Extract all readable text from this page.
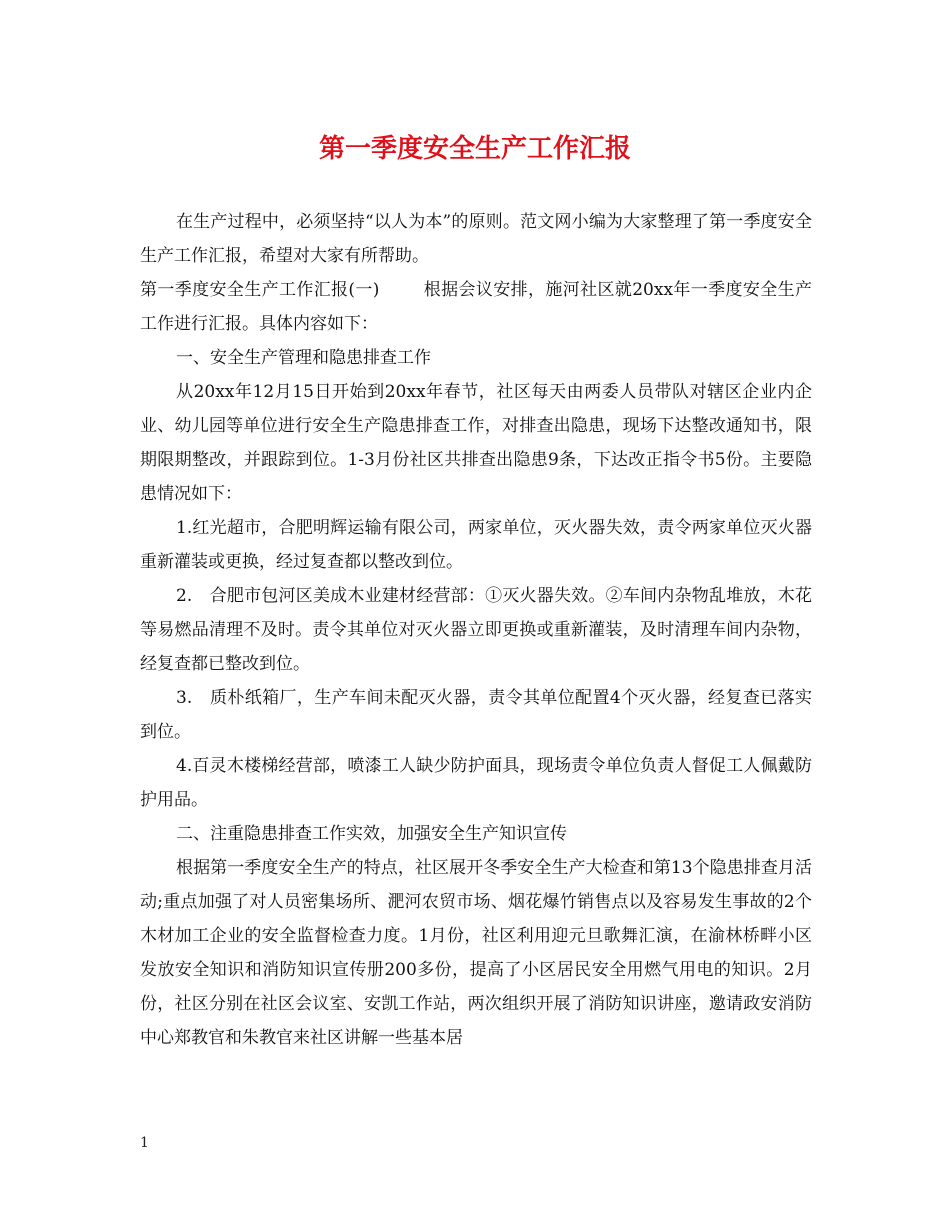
第一季度安全生产工作汇报

在生产过程中，必须坚持“以人为本”的原则。范文网小编为大家整理了第一季度安全生产工作汇报，希望对大家有所帮助。

第一季度安全生产工作汇报(一)	根据会议安排，施河社区就20xx年一季度安全生产工作进行汇报。具体内容如下：

一、安全生产管理和隐患排查工作

从20xx年12月15日开始到20xx年春节，社区每天由两委人员带队对辖区企业内企业、幼儿园等单位进行安全生产隐患排查工作，对排查出隐患，现场下达整改通知书，限期限期整改，并跟踪到位。1-3月份社区共排查出隐患9条，下达改正指令书5份。主要隐患情况如下：

1.红光超市，合肥明辉运输有限公司，两家单位，灭火器失效，责令两家单位灭火器重新灌装或更换，经过复查都以整改到位。

2.　合肥市包河区美成木业建材经营部：①灭火器失效。②车间内杂物乱堆放，木花等易燃品清理不及时。责令其单位对灭火器立即更换或重新灌装，及时清理车间内杂物，经复查都已整改到位。

3.　质朴纸箱厂，生产车间未配灭火器，责令其单位配置4个灭火器，经复查已落实到位。

4.百灵木楼梯经营部，喷漆工人缺少防护面具，现场责令单位负责人督促工人佩戴防护用品。

二、注重隐患排查工作实效，加强安全生产知识宣传

根据第一季度安全生产的特点，社区展开冬季安全生产大检查和第13个隐患排查月活动;重点加强了对人员密集场所、淝河农贸市场、烟花爆竹销售点以及容易发生事故的2个木材加工企业的安全监督检查力度。1月份，社区利用迎元旦歌舞汇演，在渝林桥畔小区发放安全知识和消防知识宣传册200多份，提高了小区居民安全用燃气用电的知识。2月份，社区分别在社区会议室、安凯工作站，两次组织开展了消防知识讲座，邀请政安消防中心郑教官和朱教官来社区讲解一些基本居

1
